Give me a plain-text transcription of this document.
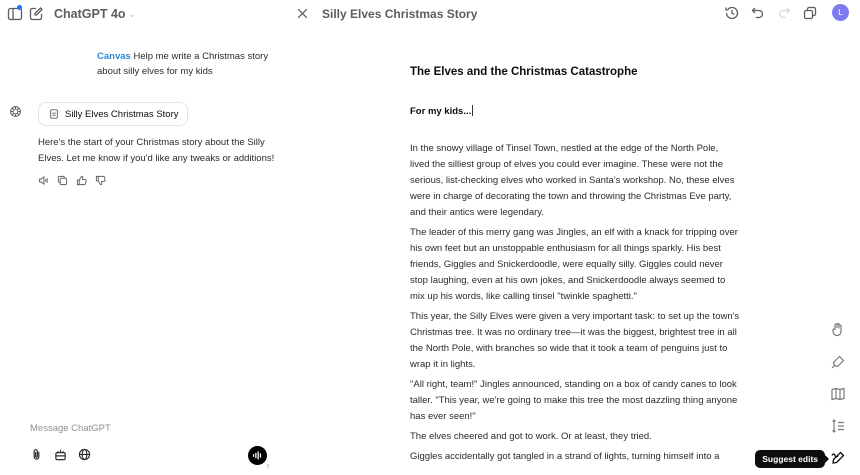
ChatGPT 4o ⌄
Canvas Help me write a Christmas story about silly elves for my kids
Silly Elves Christmas Story
Here's the start of your Christmas story about the Silly Elves. Let me know if you'd like any tweaks or additions!
Message ChatGPT
?
Silly Elves Christmas Story	L
The Elves and the Christmas Catastrophe
For my kids...

In the snowy village of Tinsel Town, nestled at the edge of the North Pole, lived the silliest group of elves you could ever imagine. These were not the serious, list-checking elves who worked in Santa's workshop. No, these elves were in charge of decorating the town and throwing the Christmas Eve party, and their antics were legendary.

The leader of this merry gang was Jingles, an elf with a knack for tripping over his own feet but an unstoppable enthusiasm for all things sparkly. His best friends, Giggles and Snickerdoodle, were equally silly. Giggles could never stop laughing, even at his own jokes, and Snickerdoodle always seemed to mix up his words, like calling tinsel "twinkle spaghetti."

This year, the Silly Elves were given a very important task: to set up the town's Christmas tree. It was no ordinary tree—it was the biggest, brightest tree in all the North Pole, with branches so wide that it took a team of penguins just to wrap it in lights.

"All right, team!" Jingles announced, standing on a box of candy canes to look taller. "This year, we're going to make this tree the most dazzling thing anyone has ever seen!"

The elves cheered and got to work. Or at least, they tried.

Giggles accidentally got tangled in a strand of lights, turning himself into a	Suggest edits
